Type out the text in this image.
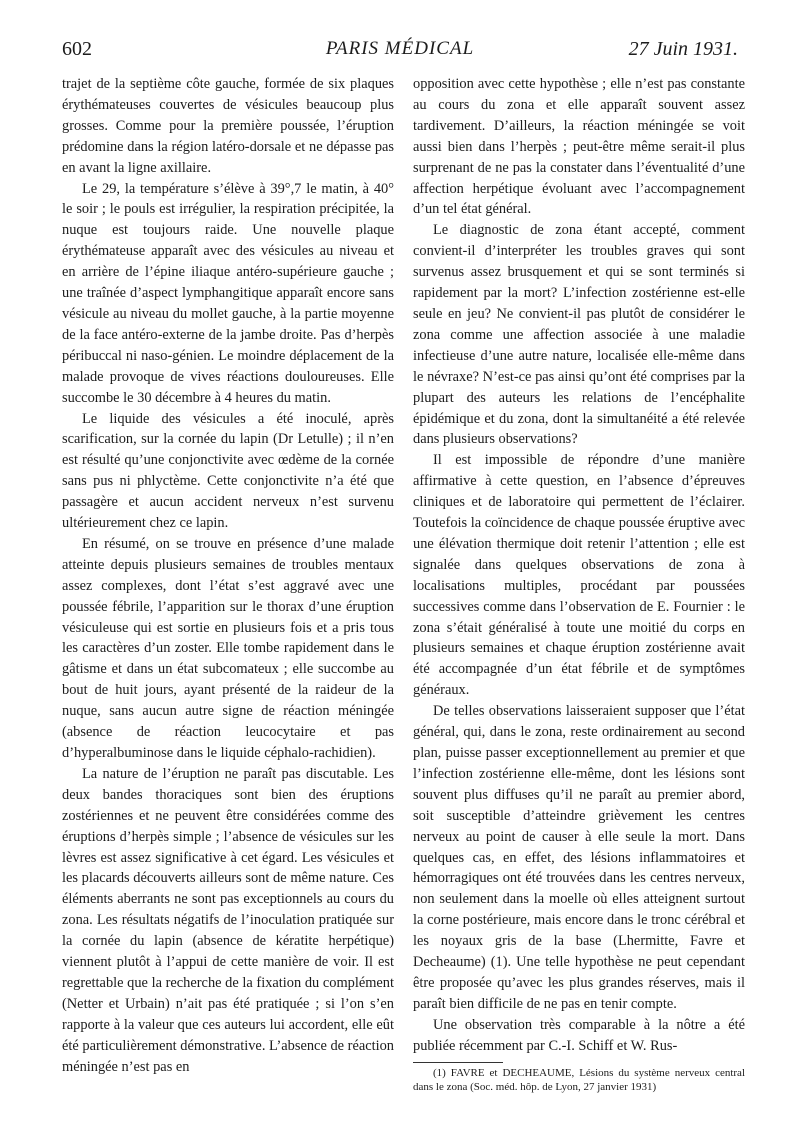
602	PARIS MÉDICAL	27 Juin 1931.

trajet de la septième côte gauche, formée de six plaques érythémateuses couvertes de vésicules beaucoup plus grosses. Comme pour la première poussée, l’éruption prédomine dans la région latéro-dorsale et ne dépasse pas en avant la ligne axillaire.

Le 29, la température s’élève à 39°,7 le matin, à 40° le soir ; le pouls est irrégulier, la respiration précipitée, la nuque est toujours raide. Une nouvelle plaque érythémateuse apparaît avec des vésicules au niveau et en arrière de l’épine iliaque antéro-supérieure gauche ; une traînée d’aspect lymphangitique apparaît encore sans vésicule au niveau du mollet gauche, à la partie moyenne de la face antéro-externe de la jambe droite. Pas d’herpès péribuccal ni naso-génien. Le moindre déplacement de la malade provoque de vives réactions douloureuses. Elle succombe le 30 décembre à 4 heures du matin.

Le liquide des vésicules a été inoculé, après scarification, sur la cornée du lapin (Dr Letulle) ; il n’en est résulté qu’une conjonctivite avec œdème de la cornée sans pus ni phlyctème. Cette conjonctivite n’a été que passagère et aucun accident nerveux n’est survenu ultérieurement chez ce lapin.

En résumé, on se trouve en présence d’une malade atteinte depuis plusieurs semaines de troubles mentaux assez complexes, dont l’état s’est aggravé avec une poussée fébrile, l’apparition sur le thorax d’une éruption vésiculeuse qui est sortie en plusieurs fois et a pris tous les caractères d’un zoster. Elle tombe rapidement dans le gâtisme et dans un état subcomateux ; elle succombe au bout de huit jours, ayant présenté de la raideur de la nuque, sans aucun autre signe de réaction méningée (absence de réaction leucocytaire et pas d’hyperalbuminose dans le liquide céphalo-rachidien).

La nature de l’éruption ne paraît pas discutable. Les deux bandes thoraciques sont bien des éruptions zostériennes et ne peuvent être considérées comme des éruptions d’herpès simple ; l’absence de vésicules sur les lèvres est assez significative à cet égard. Les vésicules et les placards découverts ailleurs sont de même nature. Ces éléments aberrants ne sont pas exceptionnels au cours du zona. Les résultats négatifs de l’inoculation pratiquée sur la cornée du lapin (absence de kératite herpétique) viennent plutôt à l’appui de cette manière de voir. Il est regrettable que la recherche de la fixation du complément (Netter et Urbain) n’ait pas été pratiquée ; si l’on s’en rapporte à la valeur que ces auteurs lui accordent, elle eût été particulièrement démonstrative. L’absence de réaction méningée n’est pas en

opposition avec cette hypothèse ; elle n’est pas constante au cours du zona et elle apparaît souvent assez tardivement. D’ailleurs, la réaction méningée se voit aussi bien dans l’herpès ; peut-être même serait-il plus surprenant de ne pas la constater dans l’éventualité d’une affection herpétique évoluant avec l’accompagnement d’un tel état général.

Le diagnostic de zona étant accepté, comment convient-il d’interpréter les troubles graves qui sont survenus assez brusquement et qui se sont terminés si rapidement par la mort? L’infection zostérienne est-elle seule en jeu? Ne convient-il pas plutôt de considérer le zona comme une affection associée à une maladie infectieuse d’une autre nature, localisée elle-même dans le névraxe? N’est-ce pas ainsi qu’ont été comprises par la plupart des auteurs les relations de l’encéphalite épidémique et du zona, dont la simultanéité a été relevée dans plusieurs observations?

Il est impossible de répondre d’une manière affirmative à cette question, en l’absence d’épreuves cliniques et de laboratoire qui permettent de l’éclairer. Toutefois la coïncidence de chaque poussée éruptive avec une élévation thermique doit retenir l’attention ; elle est signalée dans quelques observations de zona à localisations multiples, procédant par poussées successives comme dans l’observation de E. Fournier : le zona s’était généralisé à toute une moitié du corps en plusieurs semaines et chaque éruption zostérienne avait été accompagnée d’un état fébrile et de symptômes généraux.

De telles observations laisseraient supposer que l’état général, qui, dans le zona, reste ordinairement au second plan, puisse passer exceptionnellement au premier et que l’infection zostérienne elle-même, dont les lésions sont souvent plus diffuses qu’il ne paraît au premier abord, soit susceptible d’atteindre grièvement les centres nerveux au point de causer à elle seule la mort. Dans quelques cas, en effet, des lésions inflammatoires et hémorragiques ont été trouvées dans les centres nerveux, non seulement dans la moelle où elles atteignent surtout la corne postérieure, mais encore dans le tronc cérébral et les noyaux gris de la base (Lhermitte, Favre et Decheaume) (1). Une telle hypothèse ne peut cependant être proposée qu’avec les plus grandes réserves, mais il paraît bien difficile de ne pas en tenir compte.

Une observation très comparable à la nôtre a été publiée récemment par C.-I. Schiff et W. Rus-

(1) FAVRE et DECHEAUME, Lésions du système nerveux central dans le zona (Soc. méd. hôp. de Lyon, 27 janvier 1931)
